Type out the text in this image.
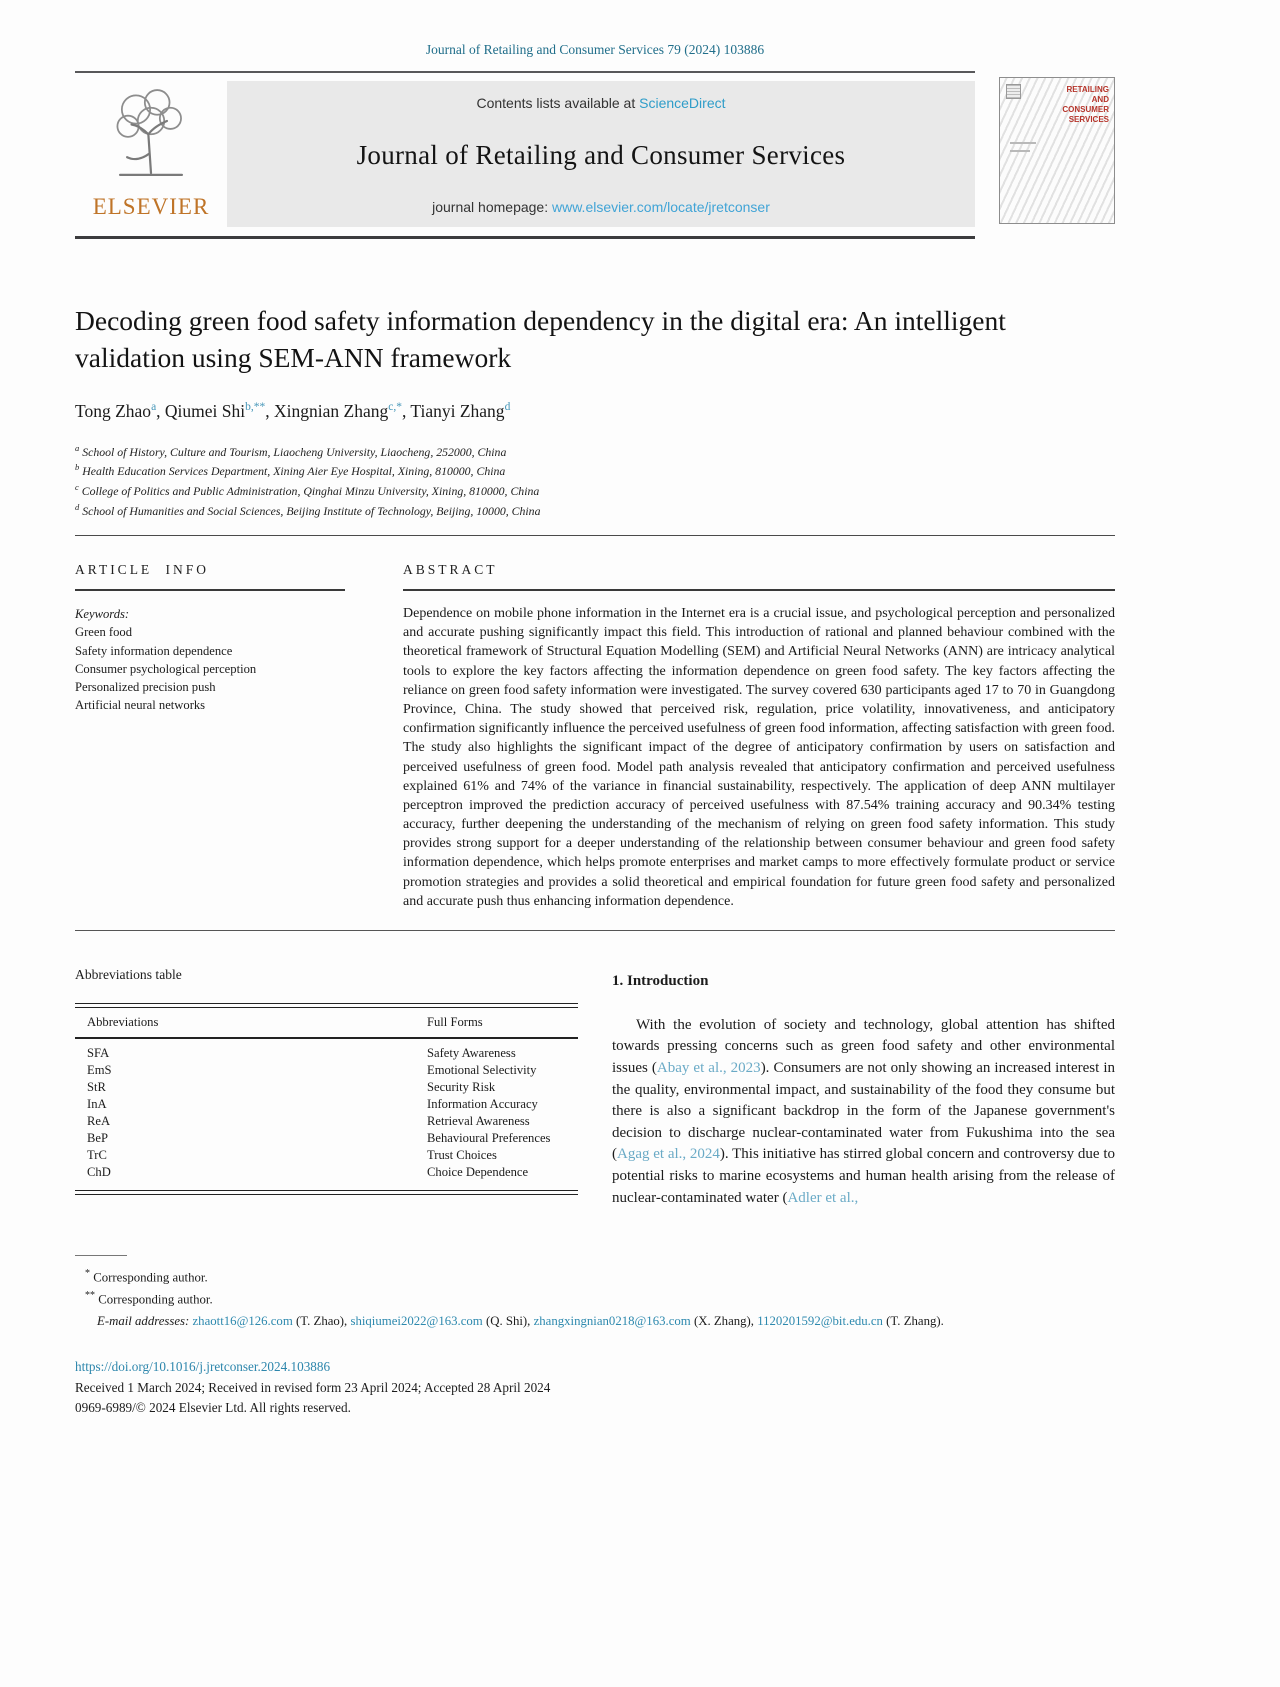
Journal of Retailing and Consumer Services 79 (2024) 103886
ELSEVIER
Contents lists available at ScienceDirect
Journal of Retailing and Consumer Services
journal homepage: www.elsevier.com/locate/jretconser
RETAILING
AND
CONSUMER
SERVICES
Decoding green food safety information dependency in the digital era: An intelligent validation using SEM-ANN framework
Tong Zhao$^a$, Qiumei Shi$^{b,**}$, Xingnian Zhang$^{c,*}$, Tianyi Zhang$^d$
$^a$ School of History, Culture and Tourism, Liaocheng University, Liaocheng, 252000, China
$^b$ Health Education Services Department, Xining Aier Eye Hospital, Xining, 810000, China
$^c$ College of Politics and Public Administration, Qinghai Minzu University, Xining, 810000, China
$^d$ School of Humanities and Social Sciences, Beijing Institute of Technology, Beijing, 10000, China
ARTICLE INFO
Keywords:
Green food
Safety information dependence
Consumer psychological perception
Personalized precision push
Artificial neural networks
ABSTRACT
Dependence on mobile phone information in the Internet era is a crucial issue, and psychological perception and personalized and accurate pushing significantly impact this field. This introduction of rational and planned behaviour combined with the theoretical framework of Structural Equation Modelling (SEM) and Artificial Neural Networks (ANN) are intricacy analytical tools to explore the key factors affecting the information dependence on green food safety. The key factors affecting the reliance on green food safety information were investigated. The survey covered 630 participants aged 17 to 70 in Guangdong Province, China. The study showed that perceived risk, regulation, price volatility, innovativeness, and anticipatory confirmation significantly influence the perceived usefulness of green food information, affecting satisfaction with green food. The study also highlights the significant impact of the degree of anticipatory confirmation by users on satisfaction and perceived usefulness of green food. Model path analysis revealed that anticipatory confirmation and perceived usefulness explained 61% and 74% of the variance in financial sustainability, respectively. The application of deep ANN multilayer perceptron improved the prediction accuracy of perceived usefulness with 87.54% training accuracy and 90.34% testing accuracy, further deepening the understanding of the mechanism of relying on green food safety information. This study provides strong support for a deeper understanding of the relationship between consumer behaviour and green food safety information dependence, which helps promote enterprises and market camps to more effectively formulate product or service promotion strategies and provides a solid theoretical and empirical foundation for future green food safety and personalized and accurate push thus enhancing information dependence.
Abbreviations table
Abbreviations	Full Forms
SFA	Safety Awareness
EmS	Emotional Selectivity
StR	Security Risk
InA	Information Accuracy
ReA	Retrieval Awareness
BeP	Behavioural Preferences
TrC	Trust Choices
ChD	Choice Dependence
1. Introduction
With the evolution of society and technology, global attention has shifted towards pressing concerns such as green food safety and other environmental issues (Abay et al., 2023). Consumers are not only showing an increased interest in the quality, environmental impact, and sustainability of the food they consume but there is also a significant backdrop in the form of the Japanese government's decision to discharge nuclear-contaminated water from Fukushima into the sea (Agag et al., 2024). This initiative has stirred global concern and controversy due to potential risks to marine ecosystems and human health arising from the release of nuclear-contaminated water (Adler et al.,
* Corresponding author.
** Corresponding author.
E-mail addresses: zhaott16@126.com (T. Zhao), shiqiumei2022@163.com (Q. Shi), zhangxingnian0218@163.com (X. Zhang), 1120201592@bit.edu.cn (T. Zhang).
https://doi.org/10.1016/j.jretconser.2024.103886
Received 1 March 2024; Received in revised form 23 April 2024; Accepted 28 April 2024
0969-6989/© 2024 Elsevier Ltd. All rights reserved.
